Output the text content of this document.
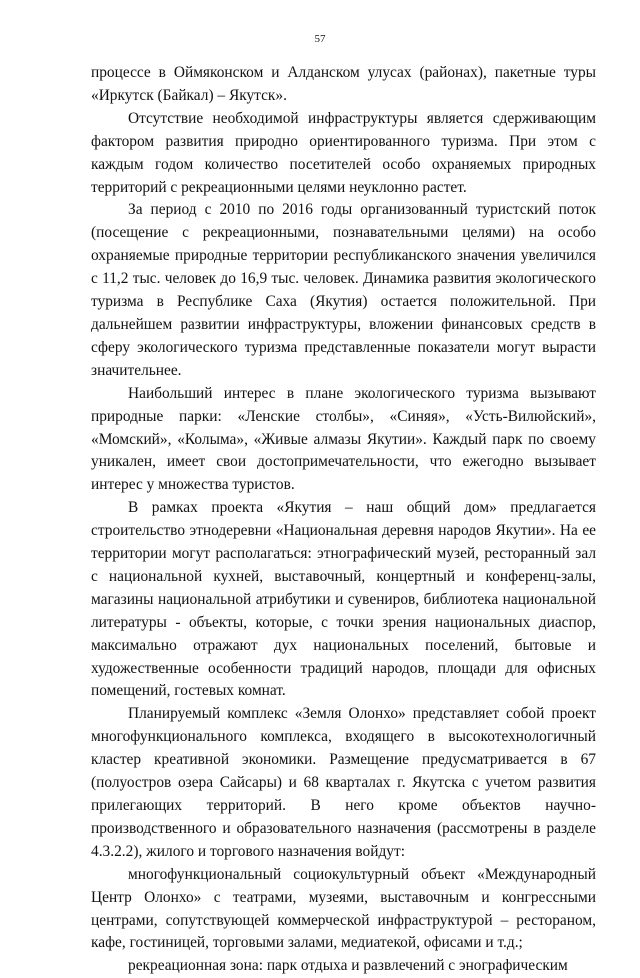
57

процессе в Оймяконском и Алданском улусах (районах), пакетные туры «Иркутск (Байкал) – Якутск».

Отсутствие необходимой инфраструктуры является сдерживающим фактором развития природно ориентированного туризма. При этом с каждым годом количество посетителей особо охраняемых природных территорий с рекреационными целями неуклонно растет.

За период с 2010 по 2016 годы организованный туристский поток (посещение с рекреационными, познавательными целями) на особо охраняемые природные территории республиканского значения увеличился с 11,2 тыс. человек до 16,9 тыс. человек. Динамика развития экологического туризма в Республике Саха (Якутия) остается положительной. При дальнейшем развитии инфраструктуры, вложении финансовых средств в сферу экологического туризма представленные показатели могут вырасти значительнее.

Наибольший интерес в плане экологического туризма вызывают природные парки: «Ленские столбы», «Синяя», «Усть-Вилюйский», «Момский», «Колыма», «Живые алмазы Якутии». Каждый парк по своему уникален, имеет свои достопримечательности, что ежегодно вызывает интерес у множества туристов.

В рамках проекта «Якутия – наш общий дом» предлагается строительство этнодеревни «Национальная деревня народов Якутии». На ее территории могут располагаться: этнографический музей, ресторанный зал с национальной кухней, выставочный, концертный и конференц-залы, магазины национальной атрибутики и сувениров, библиотека национальной литературы - объекты, которые, с точки зрения национальных диаспор, максимально отражают дух национальных поселений, бытовые и художественные особенности традиций народов, площади для офисных помещений, гостевых комнат.

Планируемый комплекс «Земля Олонхо» представляет собой проект многофункционального комплекса, входящего в высокотехнологичный кластер креативной экономики. Размещение предусматривается в 67 (полуостров озера Сайсары) и 68 кварталах г. Якутска с учетом развития прилегающих территорий. В него кроме объектов научно-производственного и образовательного назначения (рассмотрены в разделе 4.3.2.2), жилого и торгового назначения войдут:

многофункциональный социокультурный объект «Международный Центр Олонхо» с театрами, музеями, выставочным и конгрессными центрами, сопутствующей коммерческой инфраструктурой – рестораном, кафе, гостиницей, торговыми залами, медиатекой, офисами и т.д.;

рекреационная зона: парк отдыха и развлечений с энографическим
